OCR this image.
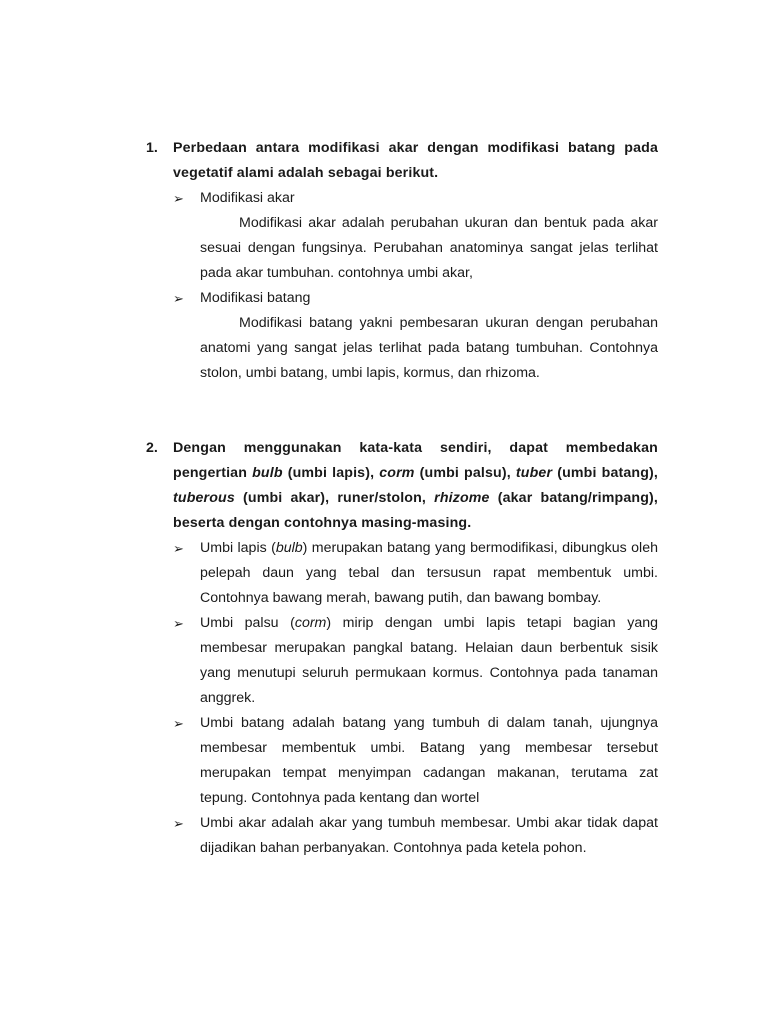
1.	Perbedaan antara modifikasi akar dengan modifikasi batang pada vegetatif alami adalah sebagai berikut.
➢	Modifikasi akar
Modifikasi akar adalah perubahan ukuran dan bentuk pada akar sesuai dengan fungsinya. Perubahan anatominya sangat jelas terlihat pada akar tumbuhan. contohnya umbi akar,
➢	Modifikasi batang
Modifikasi batang yakni pembesaran ukuran dengan perubahan anatomi yang sangat jelas terlihat pada batang tumbuhan. Contohnya stolon, umbi batang, umbi lapis, kormus, dan rhizoma.
2.	Dengan menggunakan kata-kata sendiri, dapat membedakan pengertian bulb (umbi lapis), corm (umbi palsu), tuber (umbi batang), tuberous (umbi akar), runer/stolon, rhizome (akar batang/rimpang), beserta dengan contohnya masing-masing.
➢	Umbi lapis (bulb) merupakan batang yang bermodifikasi, dibungkus oleh pelepah daun yang tebal dan tersusun rapat membentuk umbi. Contohnya bawang merah, bawang putih, dan bawang bombay.
➢	Umbi palsu (corm) mirip dengan umbi lapis tetapi bagian yang membesar merupakan pangkal batang. Helaian daun berbentuk sisik yang menutupi seluruh permukaan kormus. Contohnya pada tanaman anggrek.
➢	Umbi batang adalah batang yang tumbuh di dalam tanah, ujungnya membesar membentuk umbi. Batang yang membesar tersebut merupakan tempat menyimpan cadangan makanan, terutama zat tepung. Contohnya pada kentang dan wortel
➢	Umbi akar adalah akar yang tumbuh membesar. Umbi akar tidak dapat dijadikan bahan perbanyakan. Contohnya pada ketela pohon.
